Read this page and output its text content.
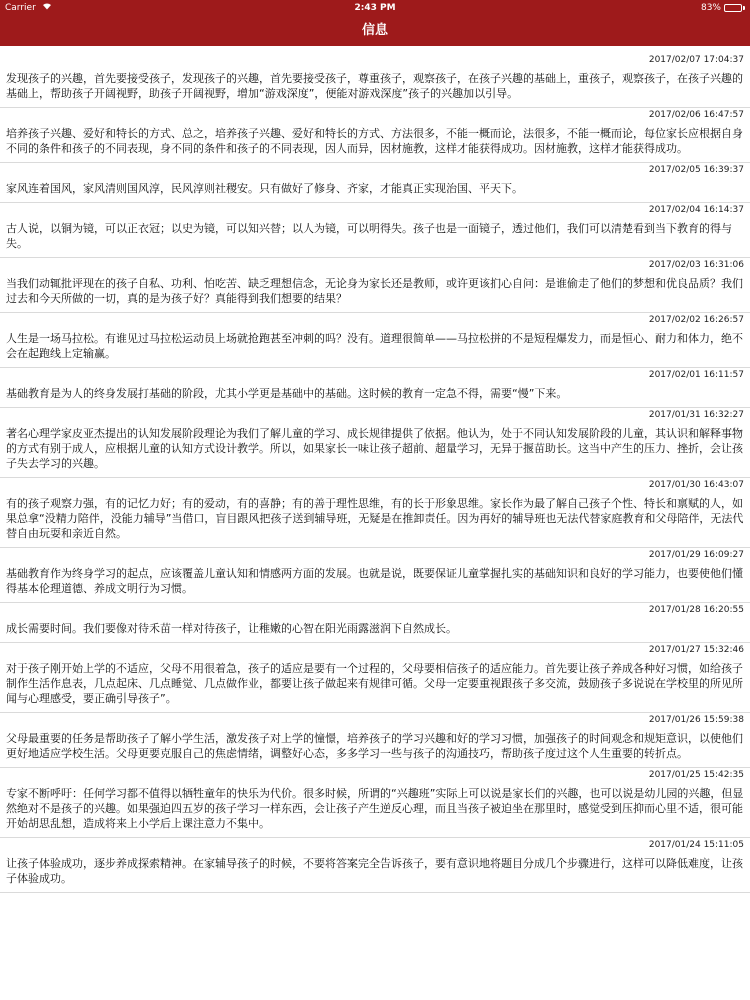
Carrier	2:43 PM	83%
信息
2017/02/07 17:04:37
发现孩子的兴趣，首先要接受孩子，发现孩子的兴趣，首先要接受孩子，尊重孩子，观察孩子，在孩子兴趣的基础上，重孩子，观察孩子，在孩子兴趣的基础上，帮助孩子开阔视野，助孩子开阔视野，增加“游戏深度”，便能对游戏深度”孩子的兴趣加以引导。
2017/02/06 16:47:57
培养孩子兴趣、爱好和特长的方式、总之，培养孩子兴趣、爱好和特长的方式、方法很多，不能一概而论，法很多，不能一概而论，每位家长应根据自身不同的条件和孩子的不同表现，身不同的条件和孩子的不同表现，因人而异，因材施教，这样才能获得成功。因材施教，这样才能获得成功。
2017/02/05 16:39:37
家风连着国风，家风清则国风淳，民风淳则社稷安。只有做好了修身、齐家，才能真正实现治国、平天下。
2017/02/04 16:14:37
古人说，以铜为镜，可以正衣冠；以史为镜，可以知兴替；以人为镜，可以明得失。孩子也是一面镜子，透过他们，我们可以清楚看到当下教育的得与失。
2017/02/03 16:31:06
当我们动辄批评现在的孩子自私、功利、怕吃苦、缺乏理想信念，无论身为家长还是教师，或许更该扪心自问：是谁偷走了他们的梦想和优良品质？我们过去和今天所做的一切，真的是为孩子好？真能得到我们想要的结果？
2017/02/02 16:26:57
人生是一场马拉松。有谁见过马拉松运动员上场就抢跑甚至冲刺的吗？没有。道理很简单——马拉松拼的不是短程爆发力，而是恒心、耐力和体力，绝不会在起跑线上定输赢。
2017/02/01 16:11:57
基础教育是为人的终身发展打基础的阶段，尤其小学更是基础中的基础。这时候的教育一定急不得，需要“慢”下来。
2017/01/31 16:32:27
著名心理学家皮亚杰提出的认知发展阶段理论为我们了解儿童的学习、成长规律提供了依据。他认为，处于不同认知发展阶段的儿童，其认识和解释事物的方式有别于成人，应根据儿童的认知方式设计教学。所以，如果家长一味让孩子超前、超量学习，无异于揠苗助长。这当中产生的压力、挫折，会让孩子失去学习的兴趣。
2017/01/30 16:43:07
有的孩子观察力强，有的记忆力好；有的爱动，有的喜静；有的善于理性思维，有的长于形象思维。家长作为最了解自己孩子个性、特长和禀赋的人，如果总拿“没精力陪伴，没能力辅导”当借口，盲目跟风把孩子送到辅导班，无疑是在推卸责任。因为再好的辅导班也无法代替家庭教育和父母陪伴，无法代替自由玩耍和亲近自然。
2017/01/29 16:09:27
基础教育作为终身学习的起点，应该覆盖儿童认知和情感两方面的发展。也就是说，既要保证儿童掌握扎实的基础知识和良好的学习能力，也要使他们懂得基本伦理道德、养成文明行为习惯。
2017/01/28 16:20:55
成长需要时间。我们要像对待禾苗一样对待孩子，让稚嫩的心智在阳光雨露滋润下自然成长。
2017/01/27 15:32:46
对于孩子刚开始上学的不适应，父母不用很着急，孩子的适应是要有一个过程的，父母要相信孩子的适应能力。首先要让孩子养成各种好习惯，如给孩子制作生活作息表，几点起床、几点睡觉、几点做作业，都要让孩子做起来有规律可循。父母一定要重视跟孩子多交流，鼓励孩子多说说在学校里的所见所闻与心理感受，要正确引导孩子”。
2017/01/26 15:59:38
父母最重要的任务是帮助孩子了解小学生活，激发孩子对上学的憧憬，培养孩子的学习兴趣和好的学习习惯，加强孩子的时间观念和规矩意识，以使他们更好地适应学校生活。父母更要克服自己的焦虑情绪，调整好心态，多多学习一些与孩子的沟通技巧，帮助孩子度过这个人生重要的转折点。
2017/01/25 15:42:35
专家不断呼吁：任何学习都不值得以牺牲童年的快乐为代价。很多时候，所谓的“兴趣班”实际上可以说是家长们的兴趣，也可以说是幼儿园的兴趣，但显然绝对不是孩子的兴趣。如果强迫四五岁的孩子学习一样东西，会让孩子产生逆反心理，而且当孩子被迫坐在那里时，感觉受到压抑而心里不适，很可能开始胡思乱想，造成将来上小学后上课注意力不集中。
2017/01/24 15:11:05
让孩子体验成功，逐步养成探索精神。在家辅导孩子的时候，不要将答案完全告诉孩子，要有意识地将题目分成几个步骤进行，这样可以降低难度，让孩子体验成功。
